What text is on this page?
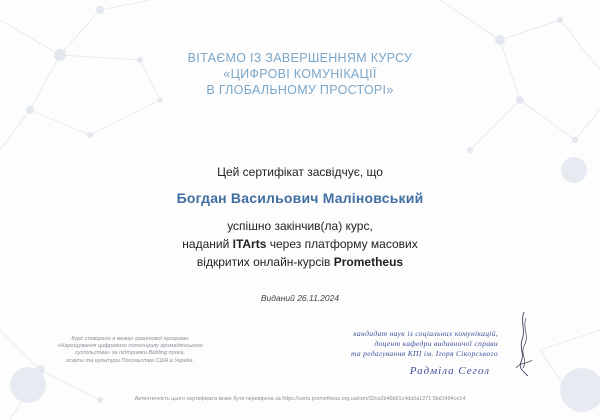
ВІТАЄМО ІЗ ЗАВЕРШЕННЯМ КУРСУ
«ЦИФРОВІ КОМУНІКАЦІЇ
В ГЛОБАЛЬНОМУ ПРОСТОРІ»
Цей сертифікат засвідчує, що
Богдан Васильович Маліновський
успішно закінчив(ла) курс,
наданий ITArts через платформу масових
відкритих онлайн-курсів Prometheus
Виданий 26.11.2024
Курс створено в межах грантової програми
«Нарощування цифрового потенціалу громадянського
суспільства» за підтримки Bidding проєк,
освіти та культури Посольства США в Україні.
кандидат наук із соціальних комунікацій,
доцент кафедри видавничої справи
та редагування КПІ ім. Ігоря Сікорського
Радміла Сегол
Автентичність цього сертифіката може бути перевірена за https://certs.prometheus.org.ua/cert/32ca2b46b61c4da5a1271 5bd1494ce14
